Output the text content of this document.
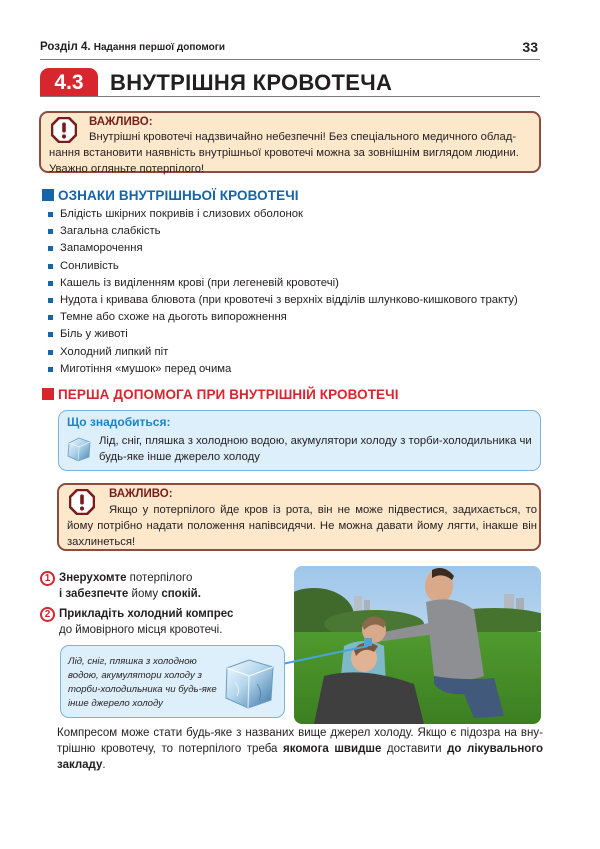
Розділ 4. Надання першої допомоги	33
4.3	ВНУТРІШНЯ КРОВОТЕЧА
ВАЖЛИВО:
Внутрішні кровотечі надзвичайно небезпечні! Без спеціального медичного обладнання встановити наявність внутрішньої кровотечі можна за зовнішнім виглядом людини. Уважно огляньте потерпілого!
ОЗНАКИ ВНУТРІШНЬОЇ КРОВОТЕЧІ
Блідість шкірних покривів і слизових оболонок
Загальна слабкість
Запаморочення
Сонливість
Кашель із виділенням крові (при легеневій кровотечі)
Нудота і кривава блювота (при кровотечі з верхніх відділів шлунково-кишкового тракту)
Темне або схоже на дьоготь випорожнення
Біль у животі
Холодний липкий піт
Миготіння «мушок» перед очима
ПЕРША ДОПОМОГА ПРИ ВНУТРІШНІЙ КРОВОТЕЧІ
Що знадобиться:
Лід, сніг, пляшка з холодною водою, акумулятори холоду з торби-холодильника чи будь-яке інше джерело холоду
ВАЖЛИВО:
Якщо у потерпілого йде кров із рота, він не може підвестися, задихається, то йому потрібно надати положення напівсидячи. Не можна давати йому лягти, інакше він захлинеться!
1 Знерухомте потерпілого
і забезпечте йому спокій.
2 Прикладіть холодний компрес
до ймовірного місця кровотечі.
Лід, сніг, пляшка з холодною водою, акумулятори холоду з торби-холодильника чи будь-яке інше джерело холоду
Компресом може стати будь-яке з названих вище джерел холоду. Якщо є підозра на внутрішню кровотечу, то потерпілого треба якомога швидше доставити до лікувального закладу.
